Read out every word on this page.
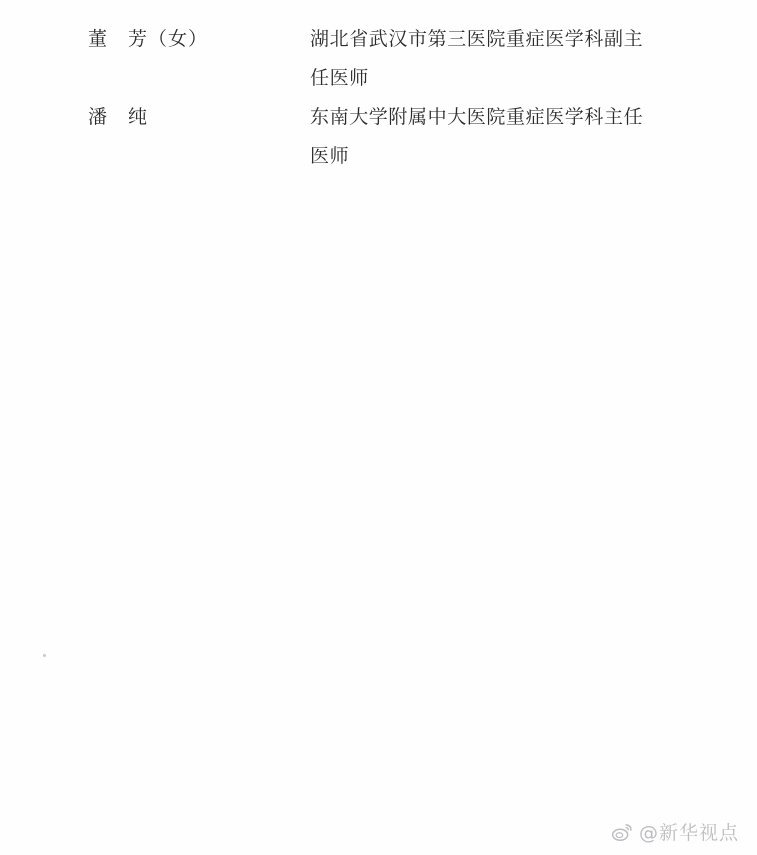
董　芳（女）	湖北省武汉市第三医院重症医学科副主
任医师
潘　纯	东南大学附属中大医院重症医学科主任
医师
@新华视点
